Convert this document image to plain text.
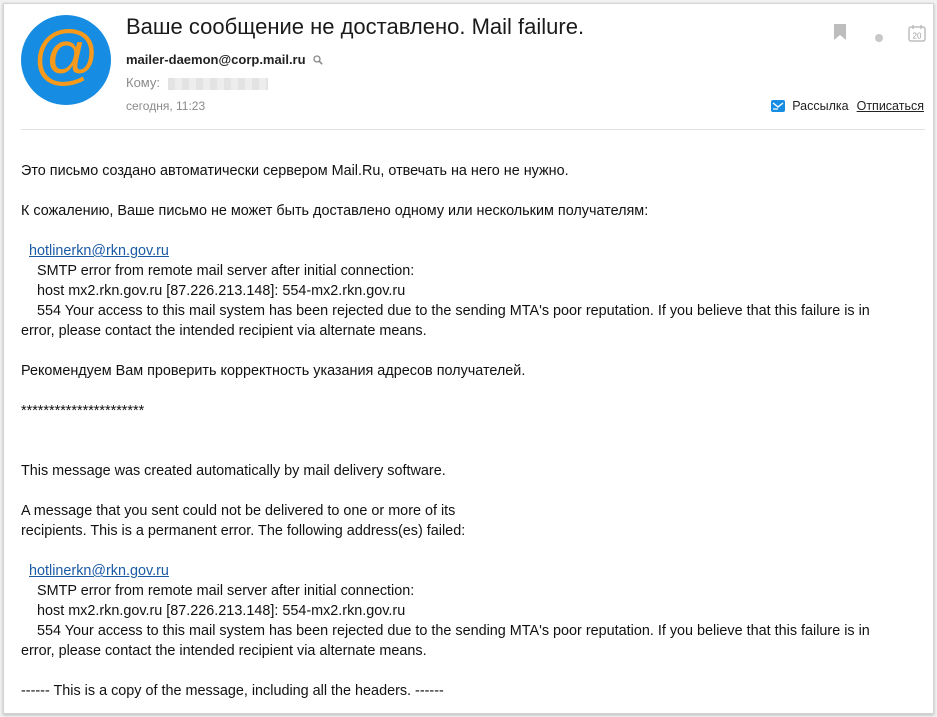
@ Ваше сообщение не доставлено. Mail failure.
mailer-daemon@corp.mail.ru
Кому:
сегодня, 11:23
20
Рассылка Отписаться

Это письмо создано автоматически сервером Mail.Ru, отвечать на него не нужно.

К сожалению, Ваше письмо не может быть доставлено одному или нескольким получателям:

hotlinerkn@rkn.gov.ru

SMTP error from remote mail server after initial connection:

host mx2.rkn.gov.ru [87.226.213.148]: 554-mx2.rkn.gov.ru

554 Your access to this mail system has been rejected due to the sending MTA's poor reputation. If you believe that this failure is in

error, please contact the intended recipient via alternate means.

Рекомендуем Вам проверить корректность указания адресов получателей.

**********************

This message was created automatically by mail delivery software.

A message that you sent could not be delivered to one or more of its

recipients. This is a permanent error. The following address(es) failed:

hotlinerkn@rkn.gov.ru

SMTP error from remote mail server after initial connection:

host mx2.rkn.gov.ru [87.226.213.148]: 554-mx2.rkn.gov.ru

554 Your access to this mail system has been rejected due to the sending MTA's poor reputation. If you believe that this failure is in

error, please contact the intended recipient via alternate means.

------ This is a copy of the message, including all the headers. ------
